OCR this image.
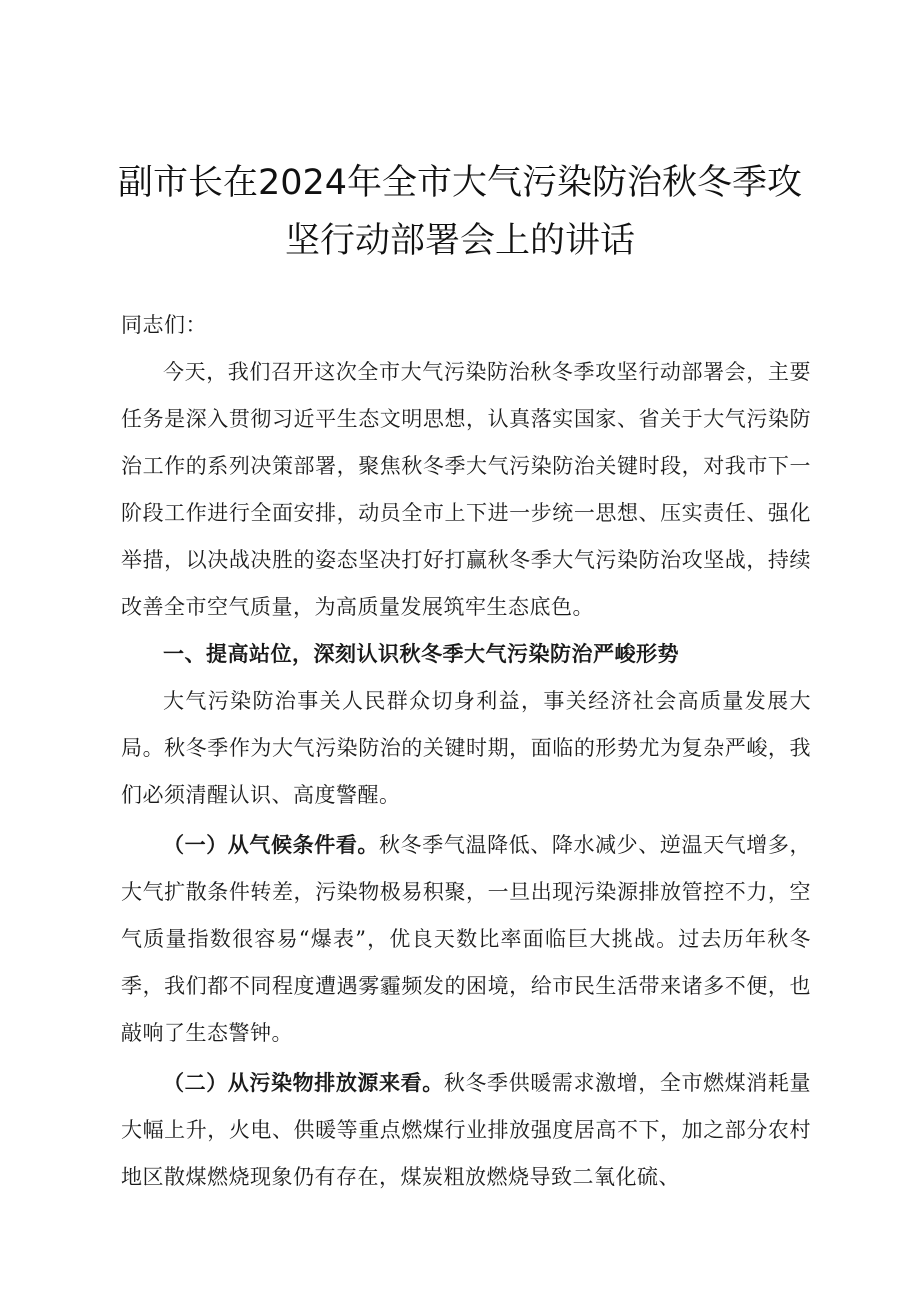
副市长在2024年全市大气污染防治秋冬季攻
坚行动部署会上的讲话

同志们：

今天，我们召开这次全市大气污染防治秋冬季攻坚行动部署会，主要任务是深入贯彻习近平生态文明思想，认真落实国家、省关于大气污染防治工作的系列决策部署，聚焦秋冬季大气污染防治关键时段，对我市下一阶段工作进行全面安排，动员全市上下进一步统一思想、压实责任、强化举措，以决战决胜的姿态坚决打好打赢秋冬季大气污染防治攻坚战，持续改善全市空气质量，为高质量发展筑牢生态底色。

一、提高站位，深刻认识秋冬季大气污染防治严峻形势

大气污染防治事关人民群众切身利益，事关经济社会高质量发展大局。秋冬季作为大气污染防治的关键时期，面临的形势尤为复杂严峻，我们必须清醒认识、高度警醒。

（一）从气候条件看。秋冬季气温降低、降水减少、逆温天气增多，大气扩散条件转差，污染物极易积聚，一旦出现污染源排放管控不力，空气质量指数很容易“爆表”，优良天数比率面临巨大挑战。过去历年秋冬季，我们都不同程度遭遇雾霾频发的困境，给市民生活带来诸多不便，也敲响了生态警钟。

（二）从污染物排放源来看。秋冬季供暖需求激增，全市燃煤消耗量大幅上升，火电、供暖等重点燃煤行业排放强度居高不下，加之部分农村地区散煤燃烧现象仍有存在，煤炭粗放燃烧导致二氧化硫、
